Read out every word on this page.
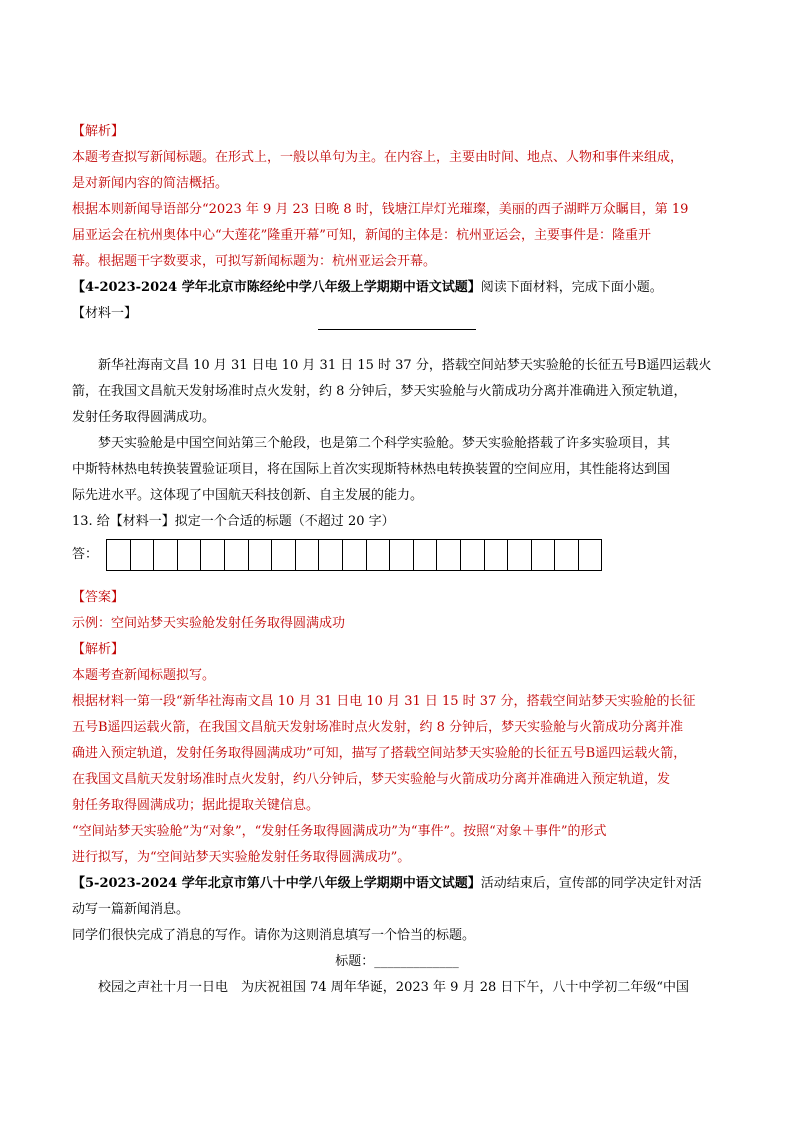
【解析】
本题考查拟写新闻标题。在形式上，一般以单句为主。在内容上，主要由时间、地点、人物和事件来组成，
是对新闻内容的简洁概括。
根据本则新闻导语部分“2023 年 9 月 23 日晚 8 时，钱塘江岸灯光璀璨，美丽的西子湖畔万众瞩目，第 19
届亚运会在杭州奥体中心“大莲花”隆重开幕”可知，新闻的主体是：杭州亚运会，主要事件是：隆重开
幕。根据题干字数要求，可拟写新闻标题为：杭州亚运会开幕。
【4-2023-2024 学年北京市陈经纶中学八年级上学期期中语文试题】阅读下面材料，完成下面小题。
【材料一】
新华社海南文昌 10 月 31 日电 10 月 31 日 15 时 37 分，搭载空间站梦天实验舱的长征五号B遥四运载火
箭，在我国文昌航天发射场准时点火发射，约 8 分钟后，梦天实验舱与火箭成功分离并准确进入预定轨道，
发射任务取得圆满成功。
梦天实验舱是中国空间站第三个舱段，也是第二个科学实验舱。梦天实验舱搭载了许多实验项目，其
中斯特林热电转换装置验证项目，将在国际上首次实现斯特林热电转换装置的空间应用，其性能将达到国
际先进水平。这体现了中国航天科技创新、自主发展的能力。
13. 给【材料一】拟定一个合适的标题（不超过 20 字）
答：
【答案】
示例：空间站梦天实验舱发射任务取得圆满成功
【解析】
本题考查新闻标题拟写。
根据材料一第一段“新华社海南文昌 10 月 31 日电 10 月 31 日 15 时 37 分，搭载空间站梦天实验舱的长征
五号B遥四运载火箭，在我国文昌航天发射场准时点火发射，约 8 分钟后，梦天实验舱与火箭成功分离并准
确进入预定轨道，发射任务取得圆满成功”可知，描写了搭载空间站梦天实验舱的长征五号B遥四运载火箭，
在我国文昌航天发射场准时点火发射，约八分钟后，梦天实验舱与火箭成功分离并准确进入预定轨道，发
射任务取得圆满成功；据此提取关键信息。
“空间站梦天实验舱”为“对象”，“发射任务取得圆满成功”为“事件”。按照“对象＋事件”的形式
进行拟写，为“空间站梦天实验舱发射任务取得圆满成功”。
【5-2023-2024 学年北京市第八十中学八年级上学期期中语文试题】活动结束后，宣传部的同学决定针对活
动写一篇新闻消息。
同学们很快完成了消息的写作。请你为这则消息填写一个恰当的标题。
标题：_____________
校园之声社十月一日电　为庆祝祖国 74 周年华诞，2023 年 9 月 28 日下午，八十中学初二年级“中国
